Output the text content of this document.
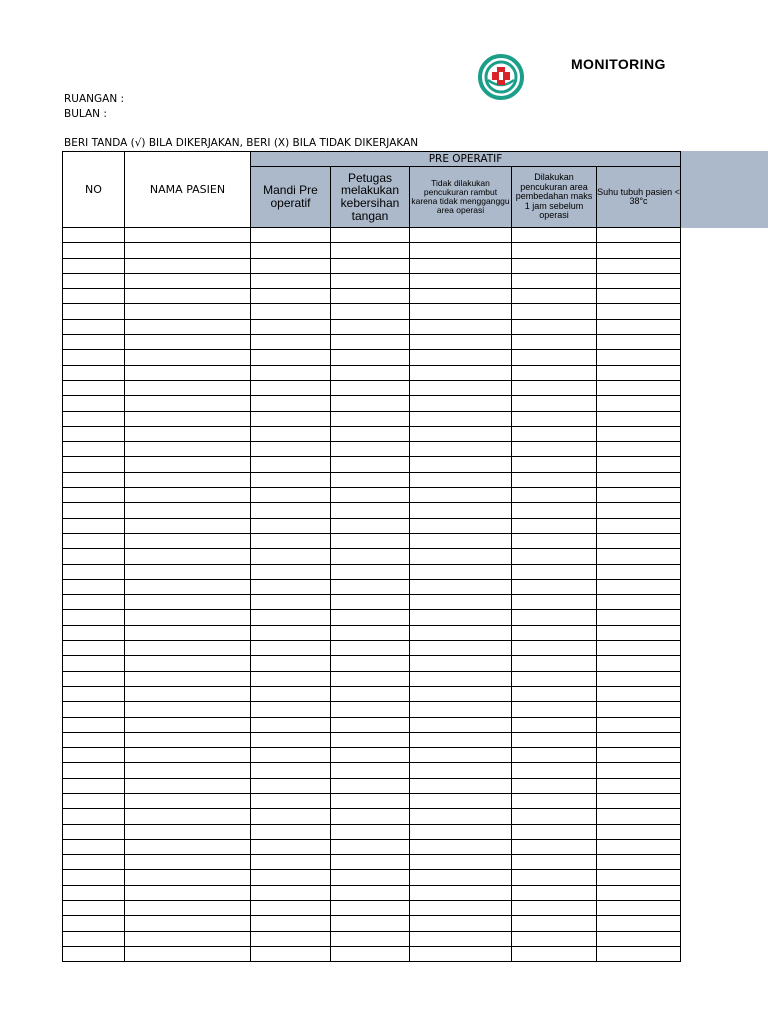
MONITORING
RUANGAN :
BULAN :
BERI TANDA (√) BILA DIKERJAKAN, BERI (X) BILA TIDAK DIKERJAKAN
NO	NAMA PASIEN	PRE OPERATIF				
		Mandi Pre operatif	Petugas melakukan kebersihan tangan	Tidak dilakukan pencukuran rambut karena tidak mengganggu area operasi	Dilakukan pencukuran area pembedahan maks 1 jam sebelum operasi	Suhu tubuh pasien < 38°c
